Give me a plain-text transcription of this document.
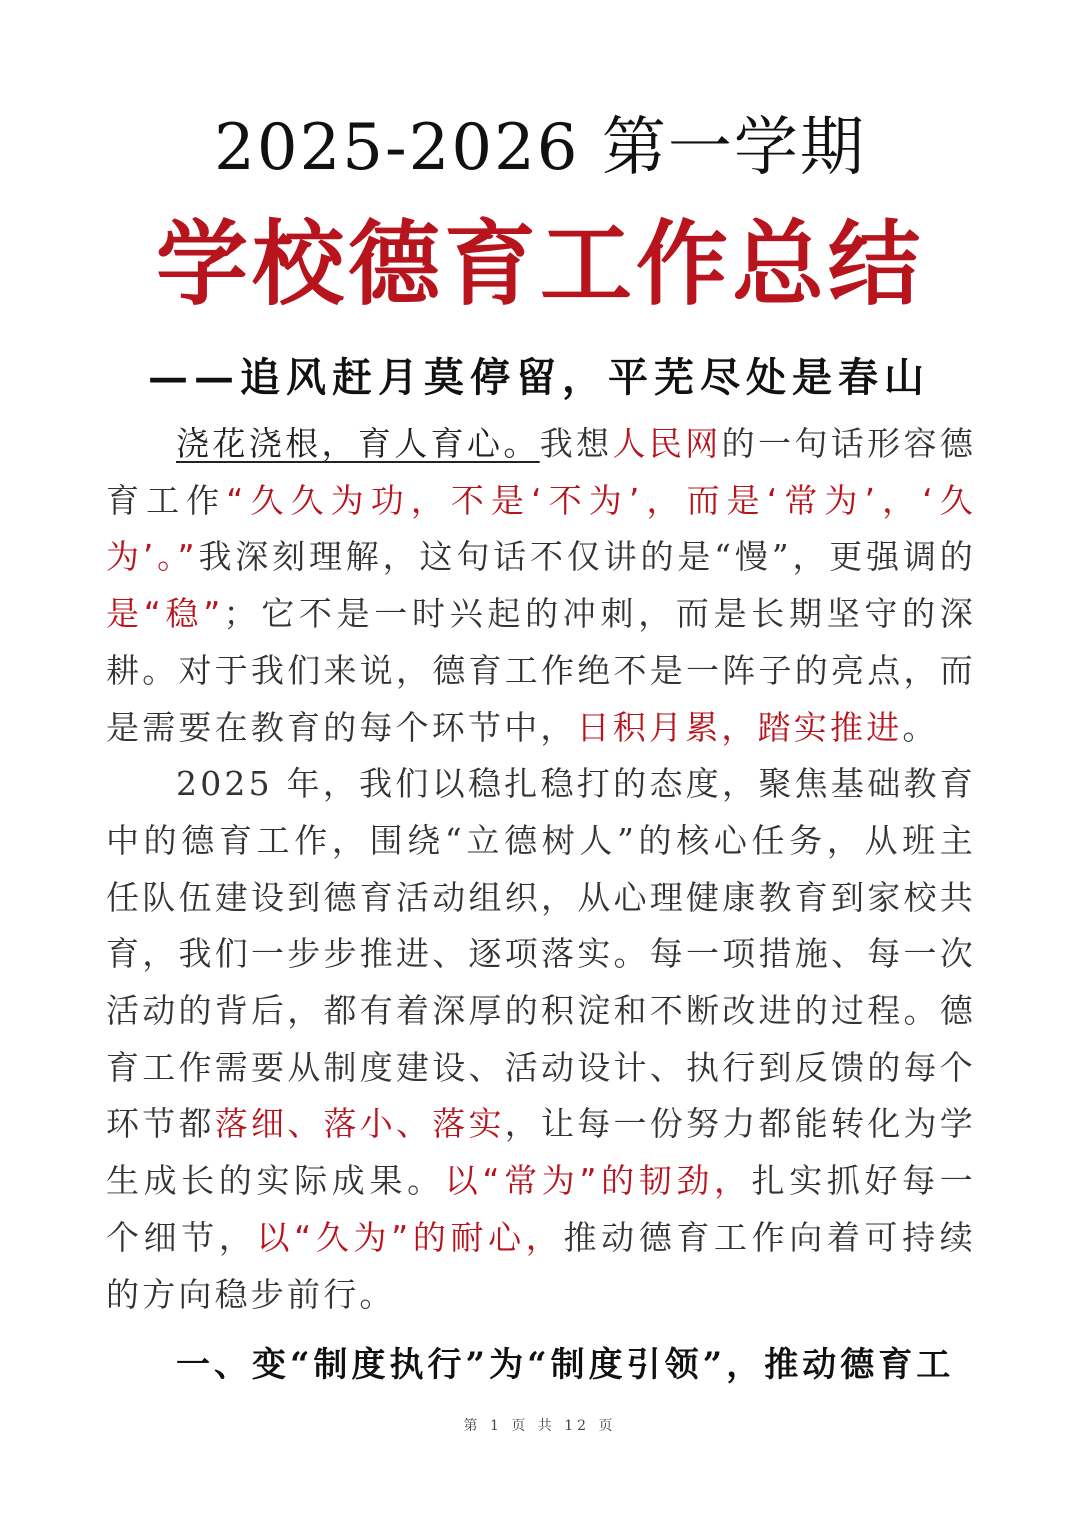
2025-2026 第一学期
学校德育工作总结
——追风赶月莫停留，平芜尽处是春山

浇花浇根，育人育心。我想人民网的一句话形容德育工作“久久为功，不是‘不为’，而是‘常为’，‘久为’。”我深刻理解，这句话不仅讲的是“慢”，更强调的是“稳”；它不是一时兴起的冲刺，而是长期坚守的深耕。对于我们来说，德育工作绝不是一阵子的亮点，而是需要在教育的每个环节中，日积月累，踏实推进。

2025 年，我们以稳扎稳打的态度，聚焦基础教育中的德育工作，围绕“立德树人”的核心任务，从班主任队伍建设到德育活动组织，从心理健康教育到家校共育，我们一步步推进、逐项落实。每一项措施、每一次活动的背后，都有着深厚的积淀和不断改进的过程。德育工作需要从制度建设、活动设计、执行到反馈的每个环节都落细、落小、落实，让每一份努力都能转化为学生成长的实际成果。以“常为”的韧劲，扎实抓好每一个细节，以“久为”的耐心，推动德育工作向着可持续的方向稳步前行。

一、变“制度执行”为“制度引领”，推动德育工
第 1 页 共 12 页
